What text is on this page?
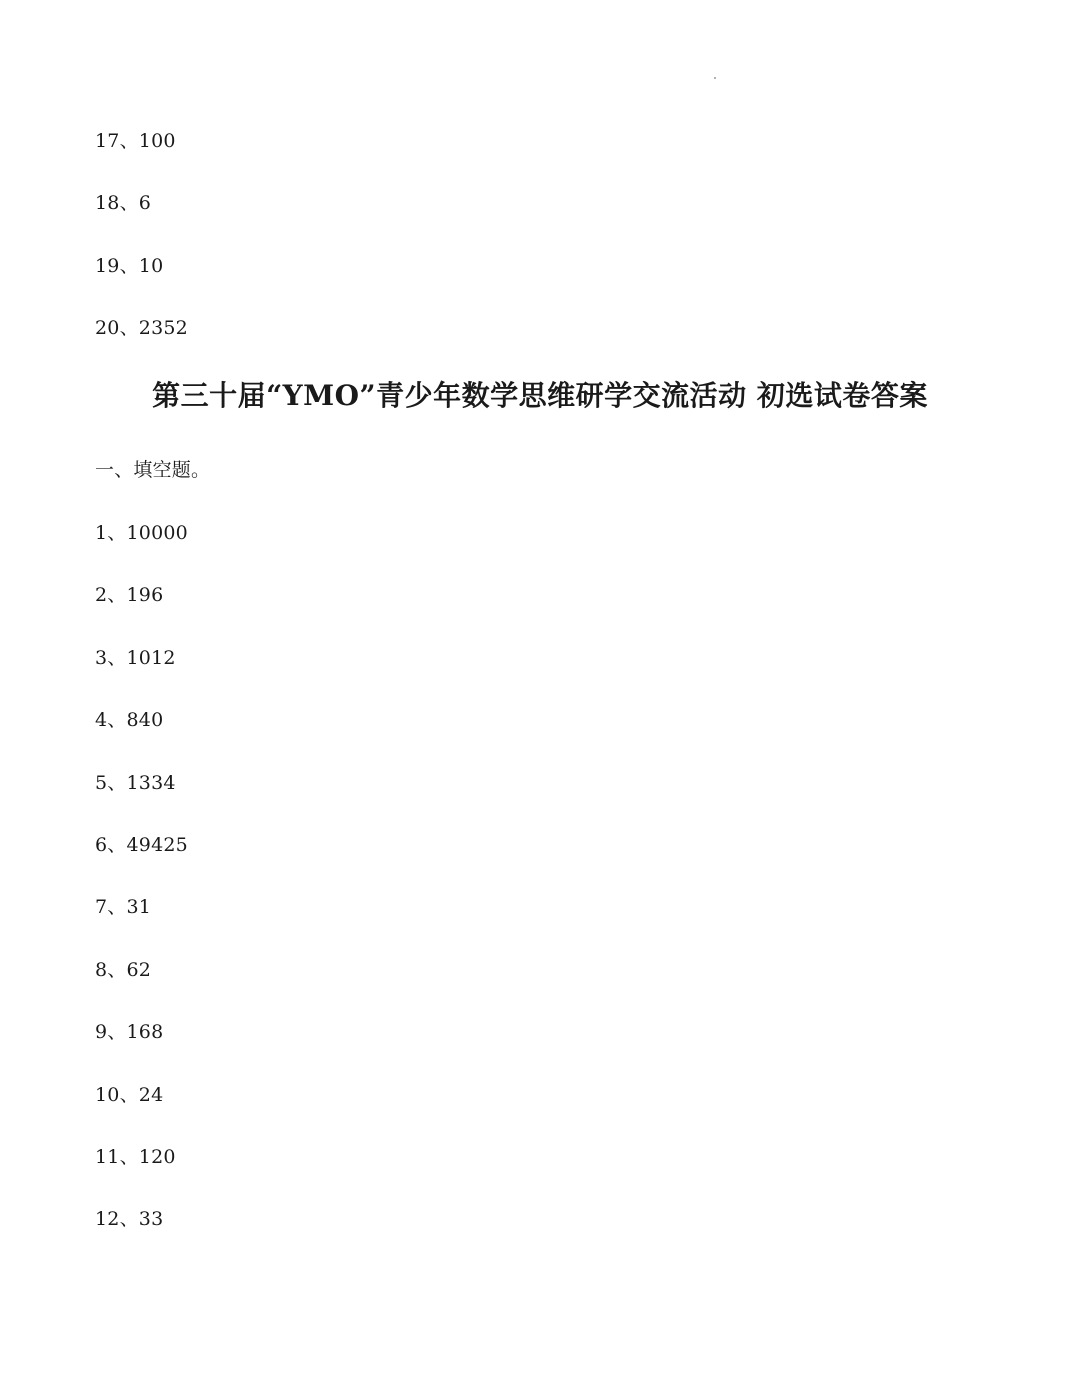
17、100
18、6
19、10
20、2352
第三十届“YMO”青少年数学思维研学交流活动 初选试卷答案
一、填空题。
1、10000
2、196
3、1012
4、840
5、1334
6、49425
7、31
8、62
9、168
10、24
11、120
12、33
